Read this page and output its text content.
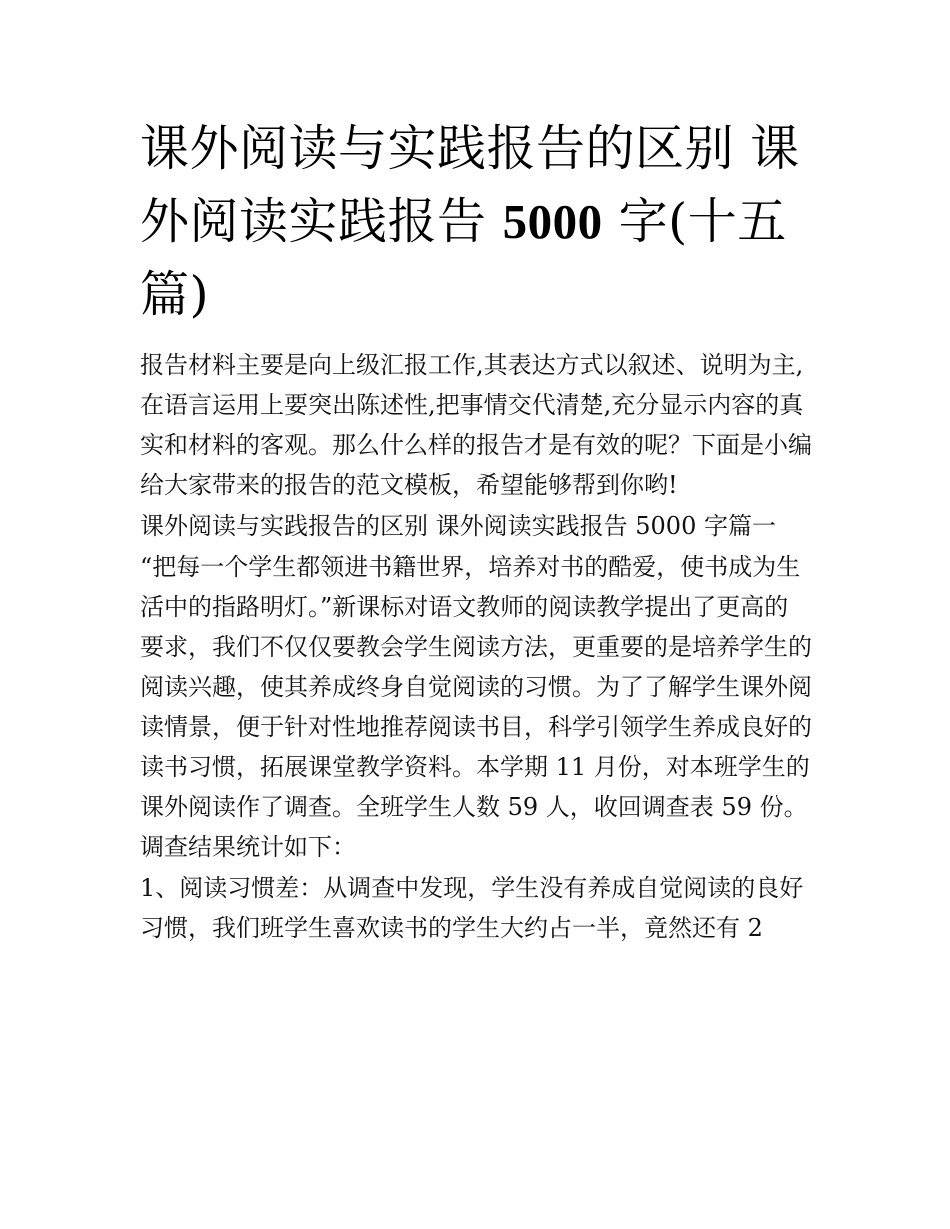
课外阅读与实践报告的区别 课外阅读实践报告 5000 字(十五篇)

报告材料主要是向上级汇报工作,其表达方式以叙述、说明为主,在语言运用上要突出陈述性,把事情交代清楚,充分显示内容的真实和材料的客观。那么什么样的报告才是有效的呢？下面是小编给大家带来的报告的范文模板，希望能够帮到你哟!

课外阅读与实践报告的区别 课外阅读实践报告 5000 字篇一

“把每一个学生都领进书籍世界，培养对书的酷爱，使书成为生活中的指路明灯。”新课标对语文教师的阅读教学提出了更高的要求，我们不仅仅要教会学生阅读方法，更重要的是培养学生的阅读兴趣，使其养成终身自觉阅读的习惯。为了了解学生课外阅读情景，便于针对性地推荐阅读书目，科学引领学生养成良好的读书习惯，拓展课堂教学资料。本学期 11 月份，对本班学生的课外阅读作了调查。全班学生人数 59 人，收回调查表 59 份。调查结果统计如下：

1、阅读习惯差：从调查中发现，学生没有养成自觉阅读的良好习惯，我们班学生喜欢读书的学生大约占一半，竟然还有 2
